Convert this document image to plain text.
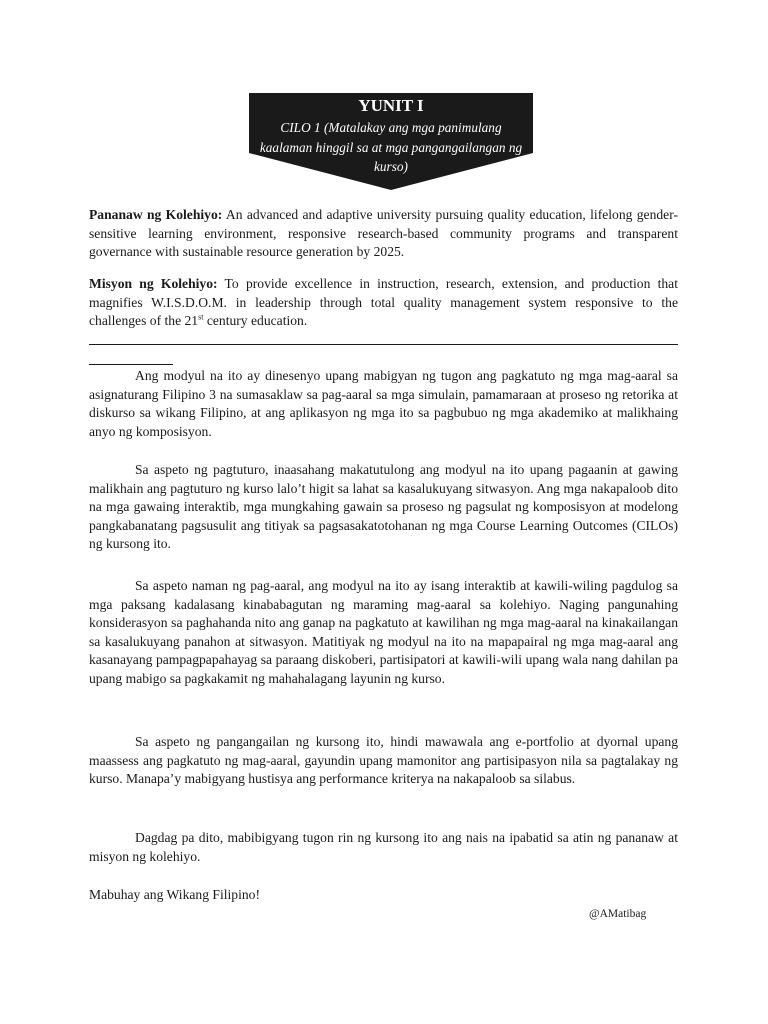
YUNIT I
CILO 1 (Matalakay ang mga panimulang kaalaman hinggil sa at mga pangangailangan ng kurso)

Pananaw ng Kolehiyo: An advanced and adaptive university pursuing quality education, lifelong gender-sensitive learning environment, responsive research-based community programs and transparent governance with sustainable resource generation by 2025.

Misyon ng Kolehiyo: To provide excellence in instruction, research, extension, and production that magnifies W.I.S.D.O.M. in leadership through total quality management system responsive to the challenges of the 21st century education.

Ang modyul na ito ay dinesenyo upang mabigyan ng tugon ang pagkatuto ng mga mag-aaral sa asignaturang Filipino 3 na sumasaklaw sa pag-aaral sa mga simulain, pamamaraan at proseso ng retorika at diskurso sa wikang Filipino, at ang aplikasyon ng mga ito sa pagbubuo ng mga akademiko at malikhaing anyo ng komposisyon.

Sa aspeto ng pagtuturo, inaasahang makatutulong ang modyul na ito upang pagaanin at gawing malikhain ang pagtuturo ng kurso lalo’t higit sa lahat sa kasalukuyang sitwasyon. Ang mga nakapaloob dito na mga gawaing interaktib, mga mungkahing gawain sa proseso ng pagsulat ng komposisyon at modelong pangkabanatang pagsusulit ang titiyak sa pagsasakatotohanan ng mga Course Learning Outcomes (CILOs) ng kursong ito.

Sa aspeto naman ng pag-aaral, ang modyul na ito ay isang interaktib at kawili-wiling pagdulog sa mga paksang kadalasang kinababagutan ng maraming mag-aaral sa kolehiyo. Naging pangunahing konsiderasyon sa paghahanda nito ang ganap na pagkatuto at kawilihan ng mga mag-aaral na kinakailangan sa kasalukuyang panahon at sitwasyon. Matitiyak ng modyul na ito na mapapairal ng mga mag-aaral ang kasanayang pampagpapahayag sa paraang diskoberi, partisipatori at kawili-wili upang wala nang dahilan pa upang mabigo sa pagkakamit ng mahahalagang layunin ng kurso.

Sa aspeto ng pangangailan ng kursong ito, hindi mawawala ang e-portfolio at dyornal upang maassess ang pagkatuto ng mag-aaral, gayundin upang mamonitor ang partisipasyon nila sa pagtalakay ng kurso. Manapa’y mabigyang hustisya ang performance kriterya na nakapaloob sa silabus.

Dagdag pa dito, mabibigyang tugon rin ng kursong ito ang nais na ipabatid sa atin ng pananaw at misyon ng kolehiyo.

Mabuhay ang Wikang Filipino!

@AMatibag
